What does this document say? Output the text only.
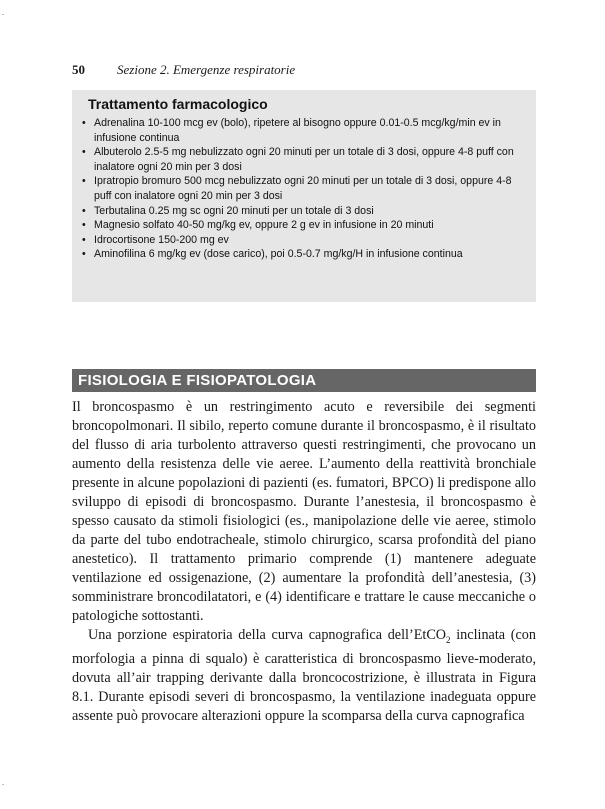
.
.
50 Sezione 2. Emergenze respiratorie
Trattamento farmacologico
• Adrenalina 10-100 mcg ev (bolo), ripetere al bisogno oppure 0.01-0.5 mcg/kg/min ev in infusione continua
• Albuterolo 2.5-5 mg nebulizzato ogni 20 minuti per un totale di 3 dosi, oppure 4-8 puff con inalatore ogni 20 min per 3 dosi
• Ipratropio bromuro 500 mcg nebulizzato ogni 20 minuti per un totale di 3 dosi, oppure 4-8 puff con inalatore ogni 20 min per 3 dosi
• Terbutalina 0.25 mg sc ogni 20 minuti per un totale di 3 dosi
• Magnesio solfato 40-50 mg/kg ev, oppure 2 g ev in infusione in 20 minuti
• Idrocortisone 150-200 mg ev
• Aminofilina 6 mg/kg ev (dose carico), poi 0.5-0.7 mg/kg/H in infusione continua
FISIOLOGIA E FISIOPATOLOGIA

Il broncospasmo è un restringimento acuto e reversibile dei segmenti broncopolmonari. Il sibilo, reperto comune durante il broncospasmo, è il risultato del flusso di aria turbolento attraverso questi restringimenti, che provocano un aumento della resistenza delle vie aeree. L’aumento della reattività bronchiale presente in alcune popolazioni di pazienti (es. fumatori, BPCO) li predispone allo sviluppo di episodi di broncospasmo. Durante l’anestesia, il broncospasmo è spesso causato da stimoli fisiologici (es., manipolazione delle vie aeree, stimolo da parte del tubo endotracheale, stimolo chirurgico, scarsa profondità del piano anestetico). Il trattamento primario comprende (1) mantenere adeguate ventilazione ed ossigenazione, (2) aumentare la profondità dell’anestesia, (3) somministrare broncodilatatori, e (4) identificare e trattare le cause meccaniche o patologiche sottostanti.

Una porzione espiratoria della curva capnografica dell’EtCO$_2$ inclinata (con morfologia a pinna di squalo) è caratteristica di broncospasmo lieve-moderato, dovuta all’air trapping derivante dalla broncocostrizione, è illustrata in Figura 8.1. Durante episodi severi di broncospasmo, la ventilazione inadeguata oppure assente può provocare alterazioni oppure la scomparsa della curva capnografica
